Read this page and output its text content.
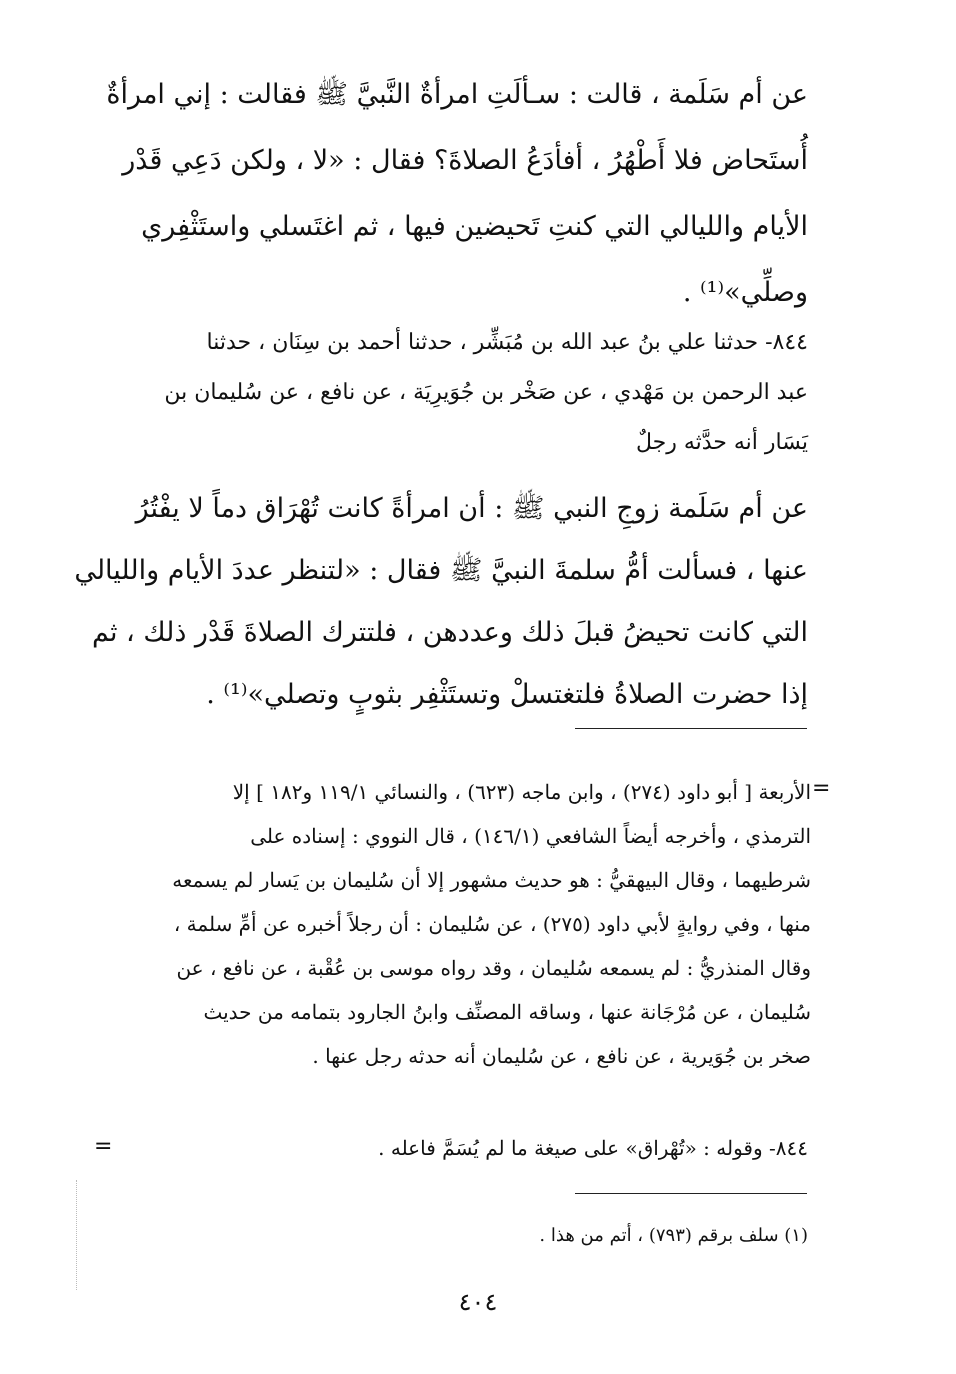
عن أم سَلَمة ، قالت : سـألَتِ امرأةٌ النَّبيَّ ﷺ فقالت : إني امرأةٌ
أُستَحاض فلا أَطْهُرُ ، أفأدَعُ الصلاةَ؟ فقال : «لا ، ولكن دَعِي قَدْر
الأيام والليالي التي كنتِ تَحيضين فيها ، ثم اغتَسلي واستَثْفِري
وصلِّي»⁽¹⁾ .
٨٤٤- حدثنا علي بنُ عبد الله بن مُبَشِّر ، حدثنا أحمد بن سِنَان ، حدثنا
عبد الرحمن بن مَهْدي ، عن صَخْر بن جُوَيرِيَة ، عن نافع ، عن سُليمان بن
يَسَار أنه حدَّثه رجلٌ
عن أم سَلَمة زوجِ النبي ﷺ : أن امرأةً كانت تُهْرَاق دماً لا يفْتُرُ
عنها ، فسألت أمُّ سلمةَ النبيَّ ﷺ فقال : «لتنظر عددَ الأيام والليالي
التي كانت تحيضُ قبلَ ذلك وعددهن ، فلتترك الصلاةَ قَدْر ذلك ، ثم
إذا حضرت الصلاةُ فلتغتسلْ وتستَثْفِر بثوبٍ وتصلي»⁽¹⁾ .
=
الأربعة [ أبو داود (٢٧٤) ، وابن ماجه (٦٢٣) ، والنسائي ١١٩/١ و١٨٢ ] إلا
الترمذي ، وأخرجه أيضاً الشافعي (١٤٦/١) ، قال النووي : إسناده على
شرطيهما ، وقال البيهقيُّ : هو حديث مشهور إلا أن سُليمان بن يَسار لم يسمعه
منها ، وفي روايةٍ لأبي داود (٢٧٥) ، عن سُليمان : أن رجلاً أخبره عن أمِّ سلمة ،
وقال المنذريُّ : لم يسمعه سُليمان ، وقد رواه موسى بن عُقْبة ، عن نافع ، عن
سُليمان ، عن مُرْجَانة عنها ، وساقه المصنِّف وابنُ الجارود بتمامه من حديث
صخر بن جُوَيرية ، عن نافع ، عن سُليمان أنه حدثه رجل عنها .
٨٤٤- وقوله : «تُهْراق» على صيغة ما لم يُسَمَّ فاعله .
=
(١) سلف برقم (٧٩٣) ، أتم من هذا .
٤٠٤
